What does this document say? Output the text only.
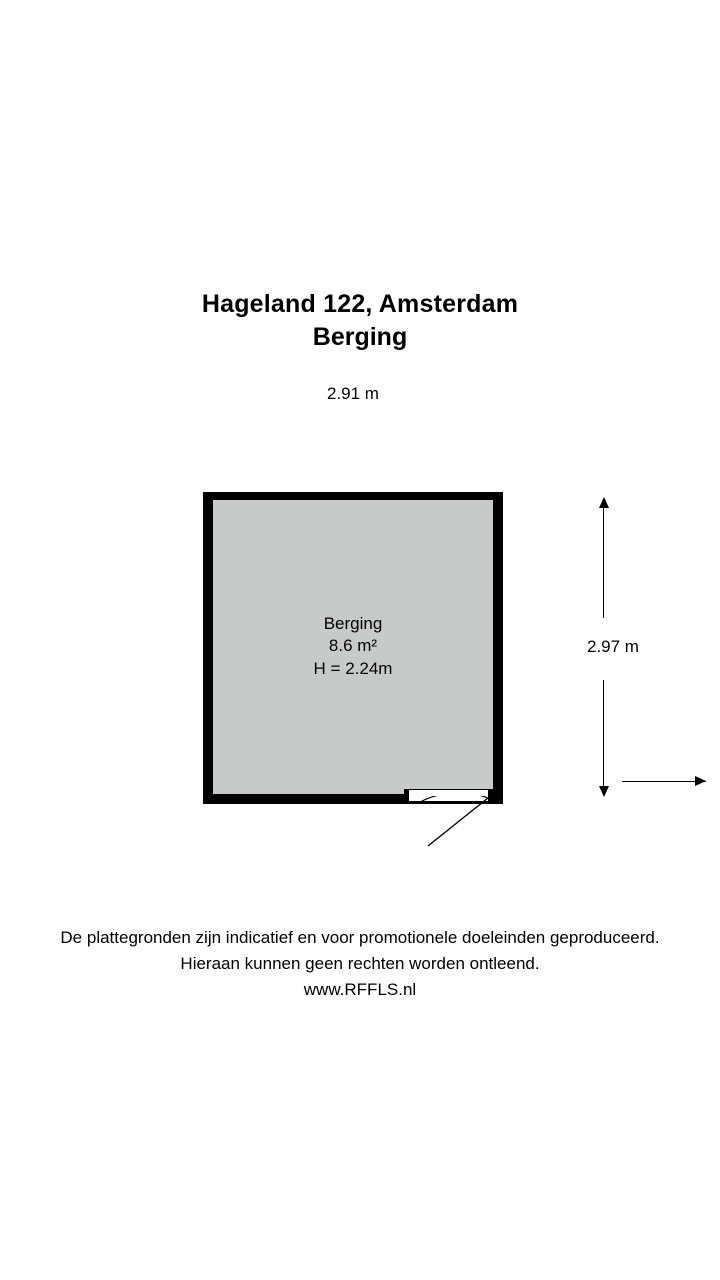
Hageland 122, Amsterdam
Berging
2.91 m
2.97 m
Berging
8.6 m²
H = 2.24m
De plattegronden zijn indicatief en voor promotionele doeleinden geproduceerd.
Hieraan kunnen geen rechten worden ontleend.
www.RFFLS.nl
